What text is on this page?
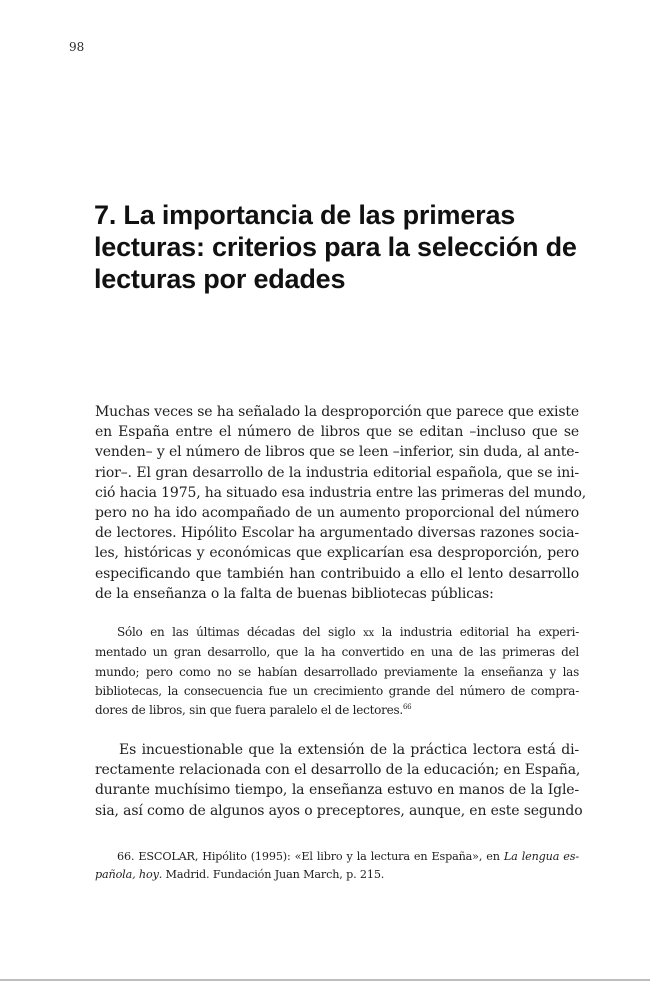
98
7. La importancia de las primeras
lecturas: criterios para la selección de
lecturas por edades
Muchas veces se ha señalado la desproporción que parece que existe
en España entre el número de libros que se editan –incluso que se
venden– y el número de libros que se leen –inferior, sin duda, al ante-
rior–. El gran desarrollo de la industria editorial española, que se ini-
ció hacia 1975, ha situado esa industria entre las primeras del mundo,
pero no ha ido acompañado de un aumento proporcional del número
de lectores. Hipólito Escolar ha argumentado diversas razones socia-
les, históricas y económicas que explicarían esa desproporción, pero
especificando que también han contribuido a ello el lento desarrollo
de la enseñanza o la falta de buenas bibliotecas públicas:
Sólo en las últimas décadas del siglo xx la industria editorial ha experi-
mentado un gran desarrollo, que la ha convertido en una de las primeras del
mundo; pero como no se habían desarrollado previamente la enseñanza y las
bibliotecas, la consecuencia fue un crecimiento grande del número de compra-
dores de libros, sin que fuera paralelo el de lectores.$^{66}$
Es incuestionable que la extensión de la práctica lectora está di-
rectamente relacionada con el desarrollo de la educación; en España,
durante muchísimo tiempo, la enseñanza estuvo en manos de la Igle-
sia, así como de algunos ayos o preceptores, aunque, en este segundo
66. ESCOLAR, Hipólito (1995): «El libro y la lectura en España», en La lengua es-
pañola, hoy. Madrid. Fundación Juan March, p. 215.
